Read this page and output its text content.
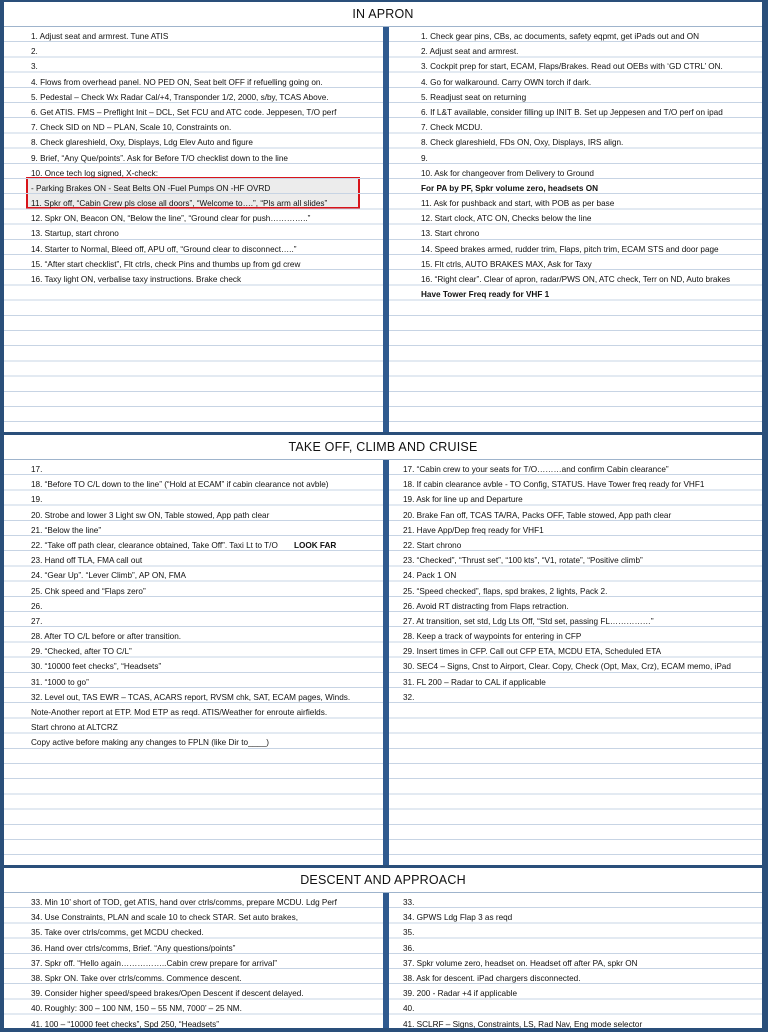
IN APRON
1. Adjust seat and armrest. Tune ATIS
2.
3.
4. Flows from overhead panel. NO PED ON, Seat belt OFF if refuelling going on.
5. Pedestal – Check Wx Radar Cal/+4, Transponder 1/2, 2000, s/by, TCAS Above.
6. Get ATIS. FMS – Preflight Init – DCL, Set FCU and ATC code. Jeppesen, T/O perf
7. Check SID on ND – PLAN, Scale 10, Constraints on.
8. Check glareshield, Oxy, Displays, Ldg Elev Auto and figure
9. Brief, “Any Que/points”. Ask for Before T/O checklist down to the line
10. Once tech log signed, X-check:
- Parking Brakes ON - Seat Belts ON -Fuel Pumps ON -HF OVRD
11. Spkr off, “Cabin Crew pls close all doors”, “Welcome to….”, “Pls arm all slides”
12. Spkr ON, Beacon ON, “Below the line”, “Ground clear for push…………..”
13. Startup, start chrono
14. Starter to Normal, Bleed off, APU off, “Ground clear to disconnect…..”
15. “After start checklist”, Flt ctrls, check Pins and thumbs up from gd crew
16. Taxy light ON, verbalise taxy instructions. Brake check
1. Check gear pins, CBs, ac documents, safety eqpmt, get iPads out and ON
2. Adjust seat and armrest.
3. Cockpit prep for start, ECAM, Flaps/Brakes. Read out OEBs with ‘GD CTRL’ ON.
4. Go for walkaround. Carry OWN torch if dark.
5. Readjust seat on returning
6. If L&T available, consider filling up INIT B. Set up Jeppesen and T/O perf on ipad
7. Check MCDU.
8. Check glareshield, FDs ON, Oxy, Displays, IRS align.
9.
10. Ask for changeover from Delivery to Ground
For PA by PF, Spkr volume zero, headsets ON
11. Ask for pushback and start, with POB as per base
12. Start clock, ATC ON, Checks below the line
13. Start chrono
14. Speed brakes armed, rudder trim, Flaps, pitch trim, ECAM STS and door page
15. Flt ctrls, AUTO BRAKES MAX, Ask for Taxy
16. “Right clear”. Clear of apron, radar/PWS ON, ATC check, Terr on ND, Auto brakes
Have Tower Freq ready for VHF 1
TAKE OFF, CLIMB AND CRUISE
17.
18. “Before TO C/L down to the line” (“Hold at ECAM” if cabin clearance not avble)
19.
20. Strobe and lower 3 Light sw ON, Table stowed, App path clear
21. “Below the line”
22. “Take off path clear, clearance obtained, Take Off”. Taxi Lt to T/O LOOK FAR
23. Hand off TLA, FMA call out
24. “Gear Up”. “Lever Climb”, AP ON, FMA
25. Chk speed and “Flaps zero”
26.
27.
28. After TO C/L before or after transition.
29. “Checked, after TO C/L”
30. “10000 feet checks”, “Headsets”
31. “1000 to go”
32. Level out, TAS EWR – TCAS, ACARS report, RVSM chk, SAT, ECAM pages, Winds.
Note-Another report at ETP. Mod ETP as reqd. ATIS/Weather for enroute airfields.
Start chrono at ALTCRZ
Copy active before making any changes to FPLN (like Dir to____)
17. “Cabin crew to your seats for T/O………and confirm Cabin clearance”
18. If cabin clearance avble - TO Config, STATUS. Have Tower freq ready for VHF1
19. Ask for line up and Departure
20. Brake Fan off, TCAS TA/RA, Packs OFF, Table stowed, App path clear
21. Have App/Dep freq ready for VHF1
22. Start chrono
23. “Checked”, “Thrust set”, “100 kts”, “V1, rotate”, “Positive climb”
24. Pack 1 ON
25. “Speed checked”, flaps, spd brakes, 2 lights, Pack 2.
26. Avoid RT distracting from Flaps retraction.
27. At transition, set std, Ldg Lts Off, “Std set, passing FL……………”
28. Keep a track of waypoints for entering in CFP
29. Insert times in CFP. Call out CFP ETA, MCDU ETA, Scheduled ETA
30. SEC4 – Signs, Cnst to Airport, Clear. Copy, Check (Opt, Max, Crz), ECAM memo, iPad
31. FL 200 – Radar to CAL if applicable
32.
DESCENT AND APPROACH
33. Min 10’ short of TOD, get ATIS, hand over ctrls/comms, prepare MCDU. Ldg Perf
34. Use Constraints, PLAN and scale 10 to check STAR. Set auto brakes,
35. Take over ctrls/comms, get MCDU checked.
36. Hand over ctrls/comms, Brief. “Any questions/points”
37. Spkr off. “Hello again……………..Cabin crew prepare for arrival”
38. Spkr ON. Take over ctrls/comms. Commence descent.
39. Consider higher speed/speed brakes/Open Descent if descent delayed.
40. Roughly: 300 – 100 NM, 150 – 55 NM, 7000’ – 25 NM.
41. 100 – “10000 feet checks”, Spd 250, “Headsets”
33.
34. GPWS Ldg Flap 3 as reqd
35.
36.
37. Spkr volume zero, headset on. Headset off after PA, spkr ON
38. Ask for descent. iPad chargers disconnected.
39. 200 - Radar +4 if applicable
40.
41. SCLRF – Signs, Constraints, LS, Rad Nav, Eng mode selector
